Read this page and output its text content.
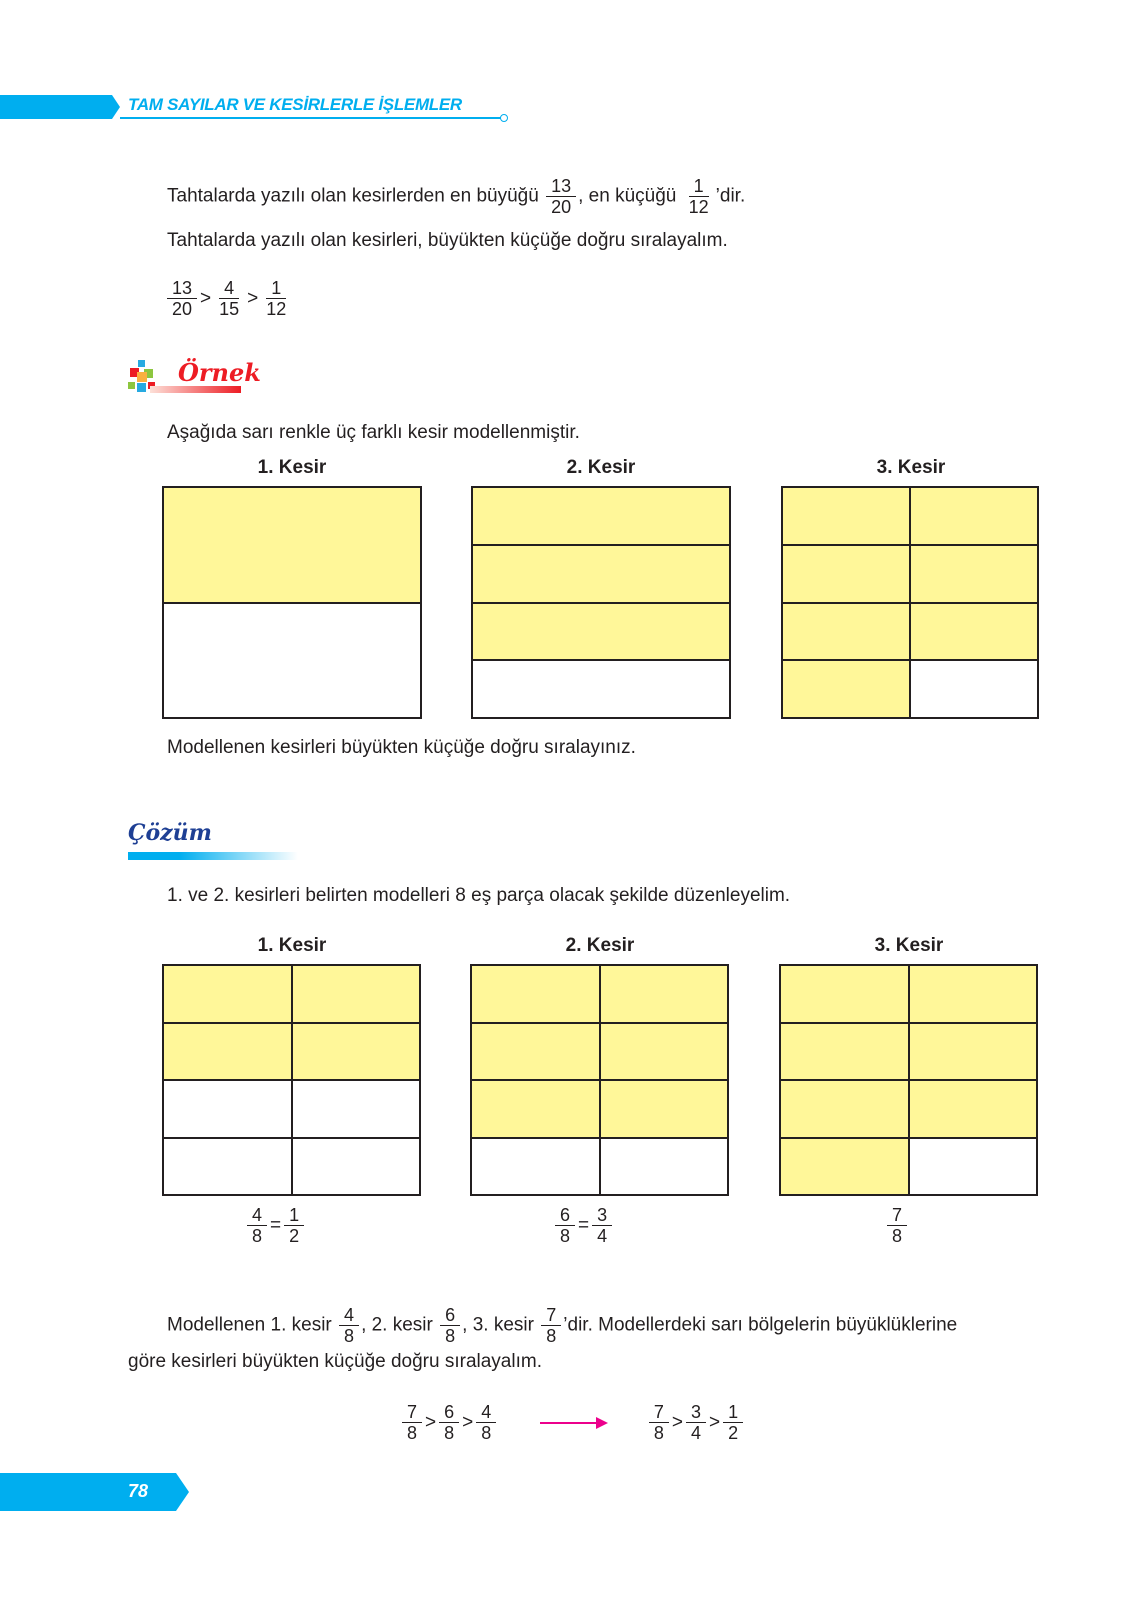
TAM SAYILAR VE KESİRLERLE İŞLEMLER
Tahtalarda yazılı olan kesirlerden en büyüğü $\frac{13}{20}$ , en küçüğü $\frac{1}{12}$ ’dir.
Tahtalarda yazılı olan kesirleri, büyükten küçüğe doğru sıralayalım.
$\frac{13}{20} > \frac{4}{15} > \frac{1}{12}$
Örnek
Aşağıda sarı renkle üç farklı kesir modellenmiştir.
1. Kesir	2. Kesir	3. Kesir
Modellenen kesirleri büyükten küçüğe doğru sıralayınız.
Çözüm
1. ve 2. kesirleri belirten modelleri 8 eş parça olacak şekilde düzenleyelim.
1. Kesir	2. Kesir	3. Kesir
$\frac{4}{8} = \frac{1}{2}$	$\frac{6}{8} = \frac{3}{4}$	$\frac{7}{8}$
Modellenen 1. kesir $\frac{4}{8}$ , 2. kesir $\frac{6}{8}$ , 3. kesir $\frac{7}{8}$ ’dir. Modellerdeki sarı bölgelerin büyüklüklerine
göre kesirleri büyükten küçüğe doğru sıralayalım.
$\frac{7}{8} > \frac{6}{8} > \frac{4}{8}$
	$\frac{7}{8} > \frac{3}{4} > \frac{1}{2}$
78
